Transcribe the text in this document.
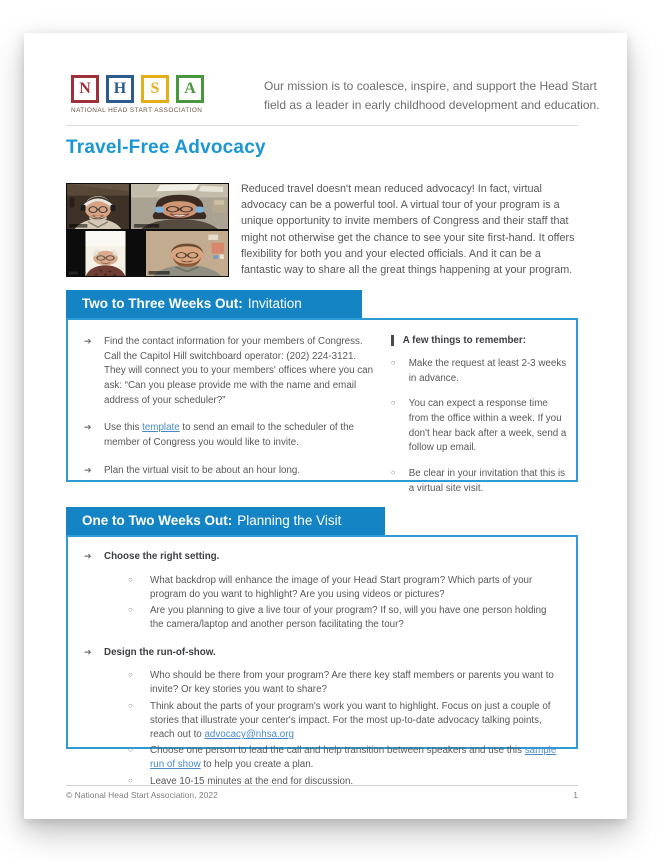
N	H	S	A
NATIONAL HEAD START ASSOCIATION
Our mission is to coalesce, inspire, and support the Head Start field as a leader in early childhood development and education.
Travel-Free Advocacy
Reduced travel doesn't mean reduced advocacy! In fact, virtual advocacy can be a powerful tool. A virtual tour of your program is a unique opportunity to invite members of Congress and their staff that might not otherwise get the chance to see your site first-hand. It offers flexibility for both you and your elected officials. And it can be a fantastic way to share all the great things happening at your program.
Two to Three Weeks Out: Invitation
➔	Find the contact information for your members of Congress. Call the Capitol Hill switchboard operator: (202) 224-3121. They will connect you to your members' offices where you can ask: “Can you please provide me with the name and email address of your scheduler?”
➔	Use this template to send an email to the scheduler of the member of Congress you would like to invite.
➔	Plan the virtual visit to be about an hour long.
A few things to remember:
○	Make the request at least 2-3 weeks in advance.
○	You can expect a response time from the office within a week. If you don't hear back after a week, send a follow up email.
○	Be clear in your invitation that this is a virtual site visit.
One to Two Weeks Out: Planning the Visit
➔	Choose the right setting.
○	What backdrop will enhance the image of your Head Start program? Which parts of your program do you want to highlight? Are you using videos or pictures?
○	Are you planning to give a live tour of your program? If so, will you have one person holding the camera/laptop and another person facilitating the tour?
➔	Design the run-of-show.
○	Who should be there from your program? Are there key staff members or parents you want to invite? Or key stories you want to share?
○	Think about the parts of your program's work you want to highlight. Focus on just a couple of stories that illustrate your center's impact. For the most up-to-date advocacy talking points, reach out to advocacy@nhsa.org
○	Choose one person to lead the call and help transition between speakers and use this sample run of show to help you create a plan.
○	Leave 10-15 minutes at the end for discussion.
© National Head Start Association, 2022	1
